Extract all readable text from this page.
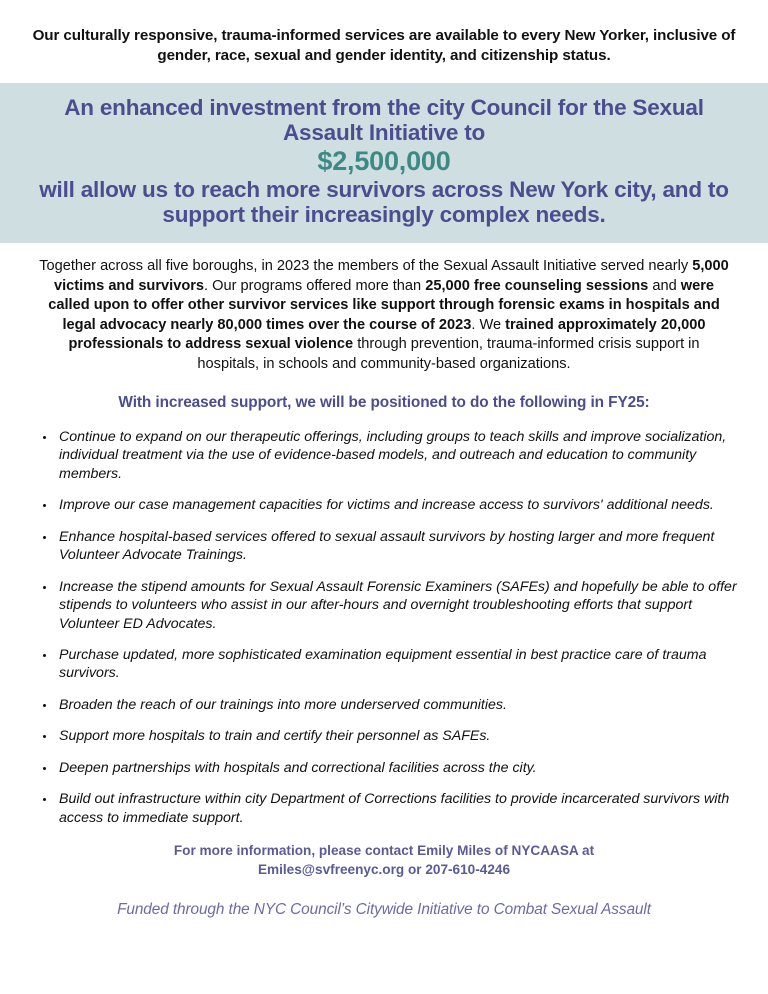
Our culturally responsive, trauma-informed services are available to every New Yorker, inclusive of gender, race, sexual and gender identity, and citizenship status.
An enhanced investment from the city Council for the Sexual Assault Initiative to
$2,500,000
will allow us to reach more survivors across New York city, and to support their increasingly complex needs.
Together across all five boroughs, in 2023 the members of the Sexual Assault Initiative served nearly 5,000 victims and survivors. Our programs offered more than 25,000 free counseling sessions and were called upon to offer other survivor services like support through forensic exams in hospitals and legal advocacy nearly 80,000 times over the course of 2023. We trained approximately 20,000 professionals to address sexual violence through prevention, trauma-informed crisis support in hospitals, in schools and community-based organizations.
With increased support, we will be positioned to do the following in FY25:
Continue to expand on our therapeutic offerings, including groups to teach skills and improve socialization, individual treatment via the use of evidence-based models, and outreach and education to community members.
Improve our case management capacities for victims and increase access to survivors' additional needs.
Enhance hospital-based services offered to sexual assault survivors by hosting larger and more frequent Volunteer Advocate Trainings.
Increase the stipend amounts for Sexual Assault Forensic Examiners (SAFEs) and hopefully be able to offer stipends to volunteers who assist in our after-hours and overnight troubleshooting efforts that support Volunteer ED Advocates.
Purchase updated, more sophisticated examination equipment essential in best practice care of trauma survivors.
Broaden the reach of our trainings into more underserved communities.
Support more hospitals to train and certify their personnel as SAFEs.
Deepen partnerships with hospitals and correctional facilities across the city.
Build out infrastructure within city Department of Corrections facilities to provide incarcerated survivors with access to immediate support.
For more information, please contact Emily Miles of NYCAASA at
Emiles@svfreenyc.org or 207-610-4246
Funded through the NYC Council’s Citywide Initiative to Combat Sexual Assault
